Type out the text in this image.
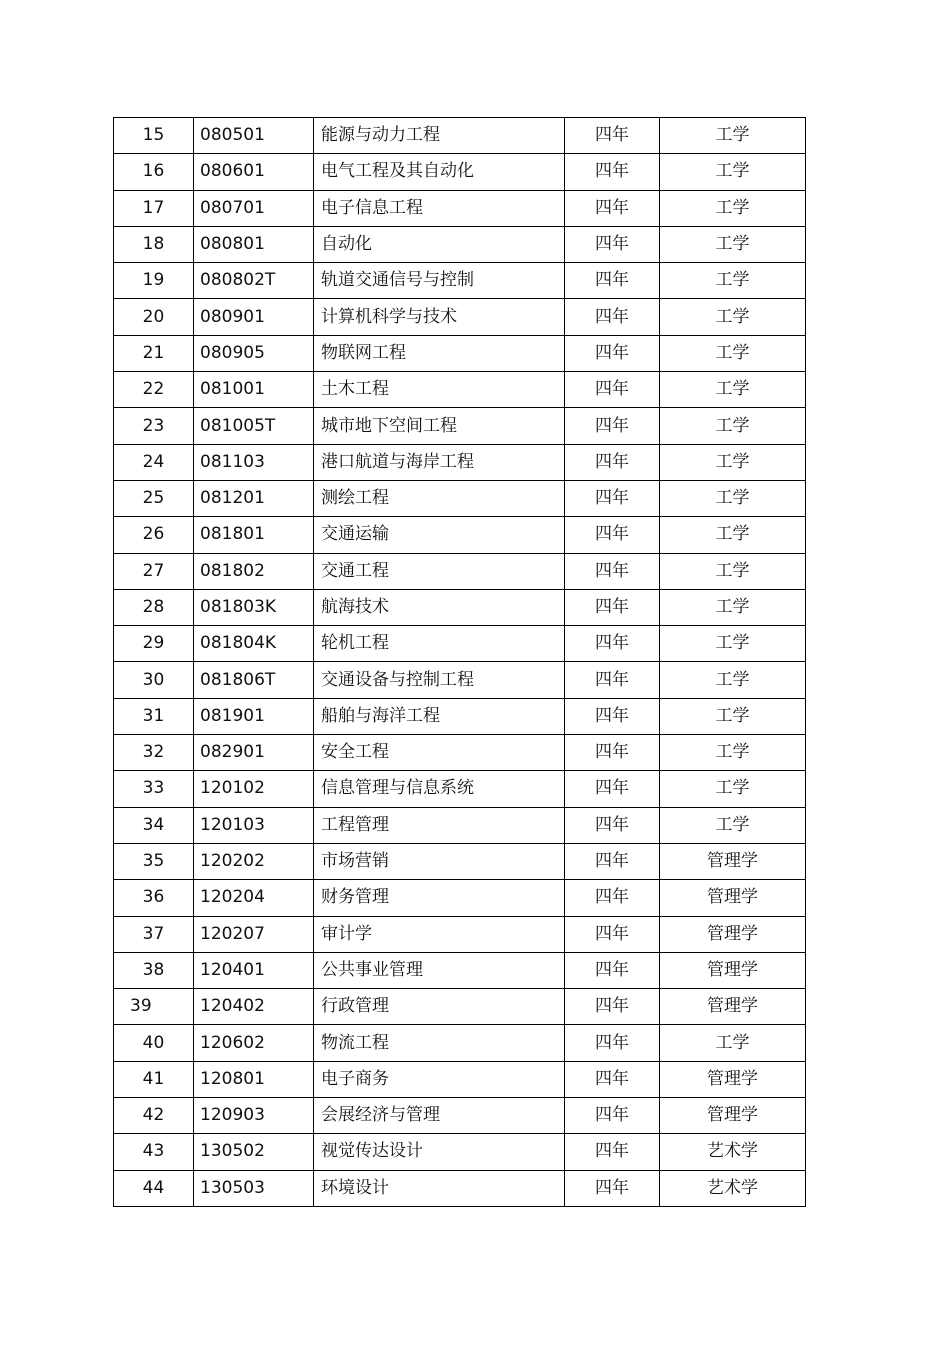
15	080501	能源与动力工程	四年	工学
16	080601	电气工程及其自动化	四年	工学
17	080701	电子信息工程	四年	工学
18	080801	自动化	四年	工学
19	080802T	轨道交通信号与控制	四年	工学
20	080901	计算机科学与技术	四年	工学
21	080905	物联网工程	四年	工学
22	081001	土木工程	四年	工学
23	081005T	城市地下空间工程	四年	工学
24	081103	港口航道与海岸工程	四年	工学
25	081201	测绘工程	四年	工学
26	081801	交通运输	四年	工学
27	081802	交通工程	四年	工学
28	081803K	航海技术	四年	工学
29	081804K	轮机工程	四年	工学
30	081806T	交通设备与控制工程	四年	工学
31	081901	船舶与海洋工程	四年	工学
32	082901	安全工程	四年	工学
33	120102	信息管理与信息系统	四年	工学
34	120103	工程管理	四年	工学
35	120202	市场营销	四年	管理学
36	120204	财务管理	四年	管理学
37	120207	审计学	四年	管理学
38	120401	公共事业管理	四年	管理学
39	120402	行政管理	四年	管理学
40	120602	物流工程	四年	工学
41	120801	电子商务	四年	管理学
42	120903	会展经济与管理	四年	管理学
43	130502	视觉传达设计	四年	艺术学
44	130503	环境设计	四年	艺术学
